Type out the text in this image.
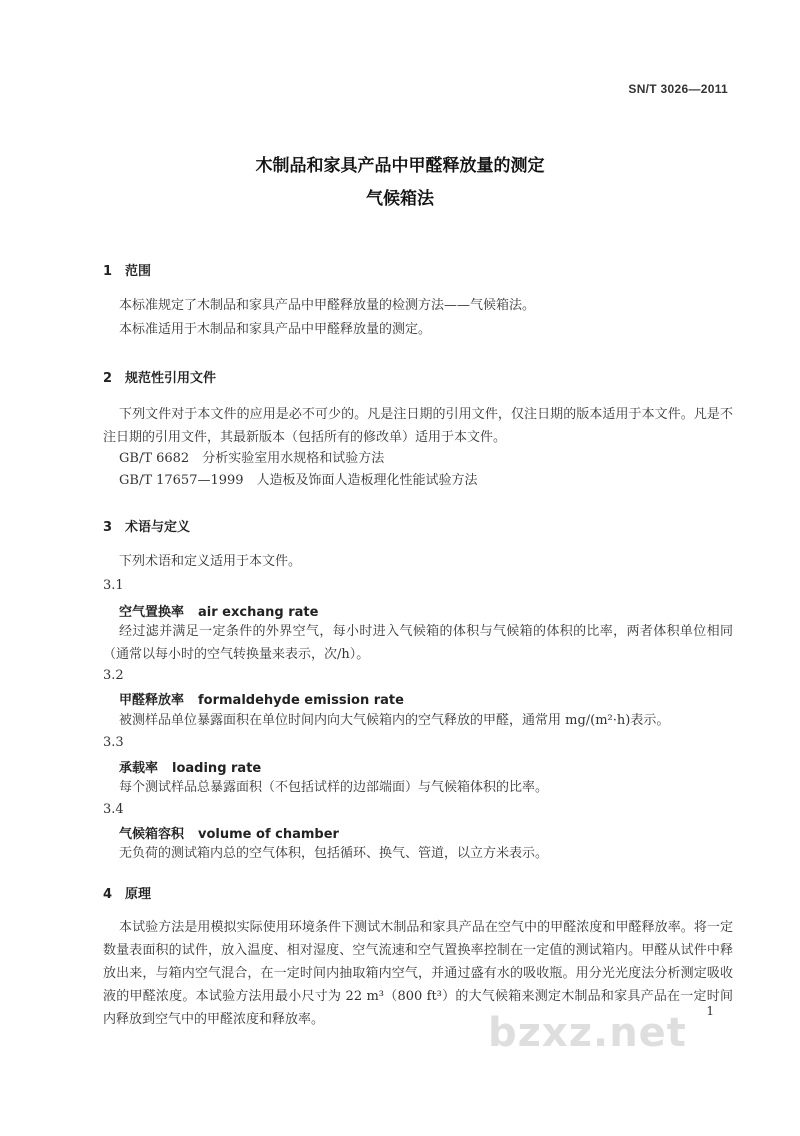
SN/T 3026—2011
木制品和家具产品中甲醛释放量的测定
气候箱法
1 范围
本标准规定了木制品和家具产品中甲醛释放量的检测方法——气候箱法。
本标准适用于木制品和家具产品中甲醛释放量的测定。
2 规范性引用文件
下列文件对于本文件的应用是必不可少的。凡是注日期的引用文件，仅注日期的版本适用于本文件。凡是不注日期的引用文件，其最新版本（包括所有的修改单）适用于本文件。
GB/T 6682　分析实验室用水规格和试验方法
GB/T 17657—1999　人造板及饰面人造板理化性能试验方法
3 术语与定义
下列术语和定义适用于本文件。
3.1
空气置换率 air exchang rate
经过滤并满足一定条件的外界空气，每小时进入气候箱的体积与气候箱的体积的比率，两者体积单位相同（通常以每小时的空气转换量来表示，次/h）。
3.2
甲醛释放率 formaldehyde emission rate
被测样品单位暴露面积在单位时间内向大气候箱内的空气释放的甲醛，通常用 mg/(m²·h)表示。
3.3
承载率 loading rate
每个测试样品总暴露面积（不包括试样的边部端面）与气候箱体积的比率。
3.4
气候箱容积 volume of chamber
无负荷的测试箱内总的空气体积，包括循环、换气、管道，以立方米表示。
4 原理
本试验方法是用模拟实际使用环境条件下测试木制品和家具产品在空气中的甲醛浓度和甲醛释放率。将一定数量表面积的试件，放入温度、相对湿度、空气流速和空气置换率控制在一定值的测试箱内。甲醛从试件中释放出来，与箱内空气混合，在一定时间内抽取箱内空气，并通过盛有水的吸收瓶。用分光光度法分析测定吸收液的甲醛浓度。本试验方法用最小尺寸为 22 m³（800 ft³）的大气候箱来测定木制品和家具产品在一定时间内释放到空气中的甲醛浓度和释放率。	bzxz.net 1
